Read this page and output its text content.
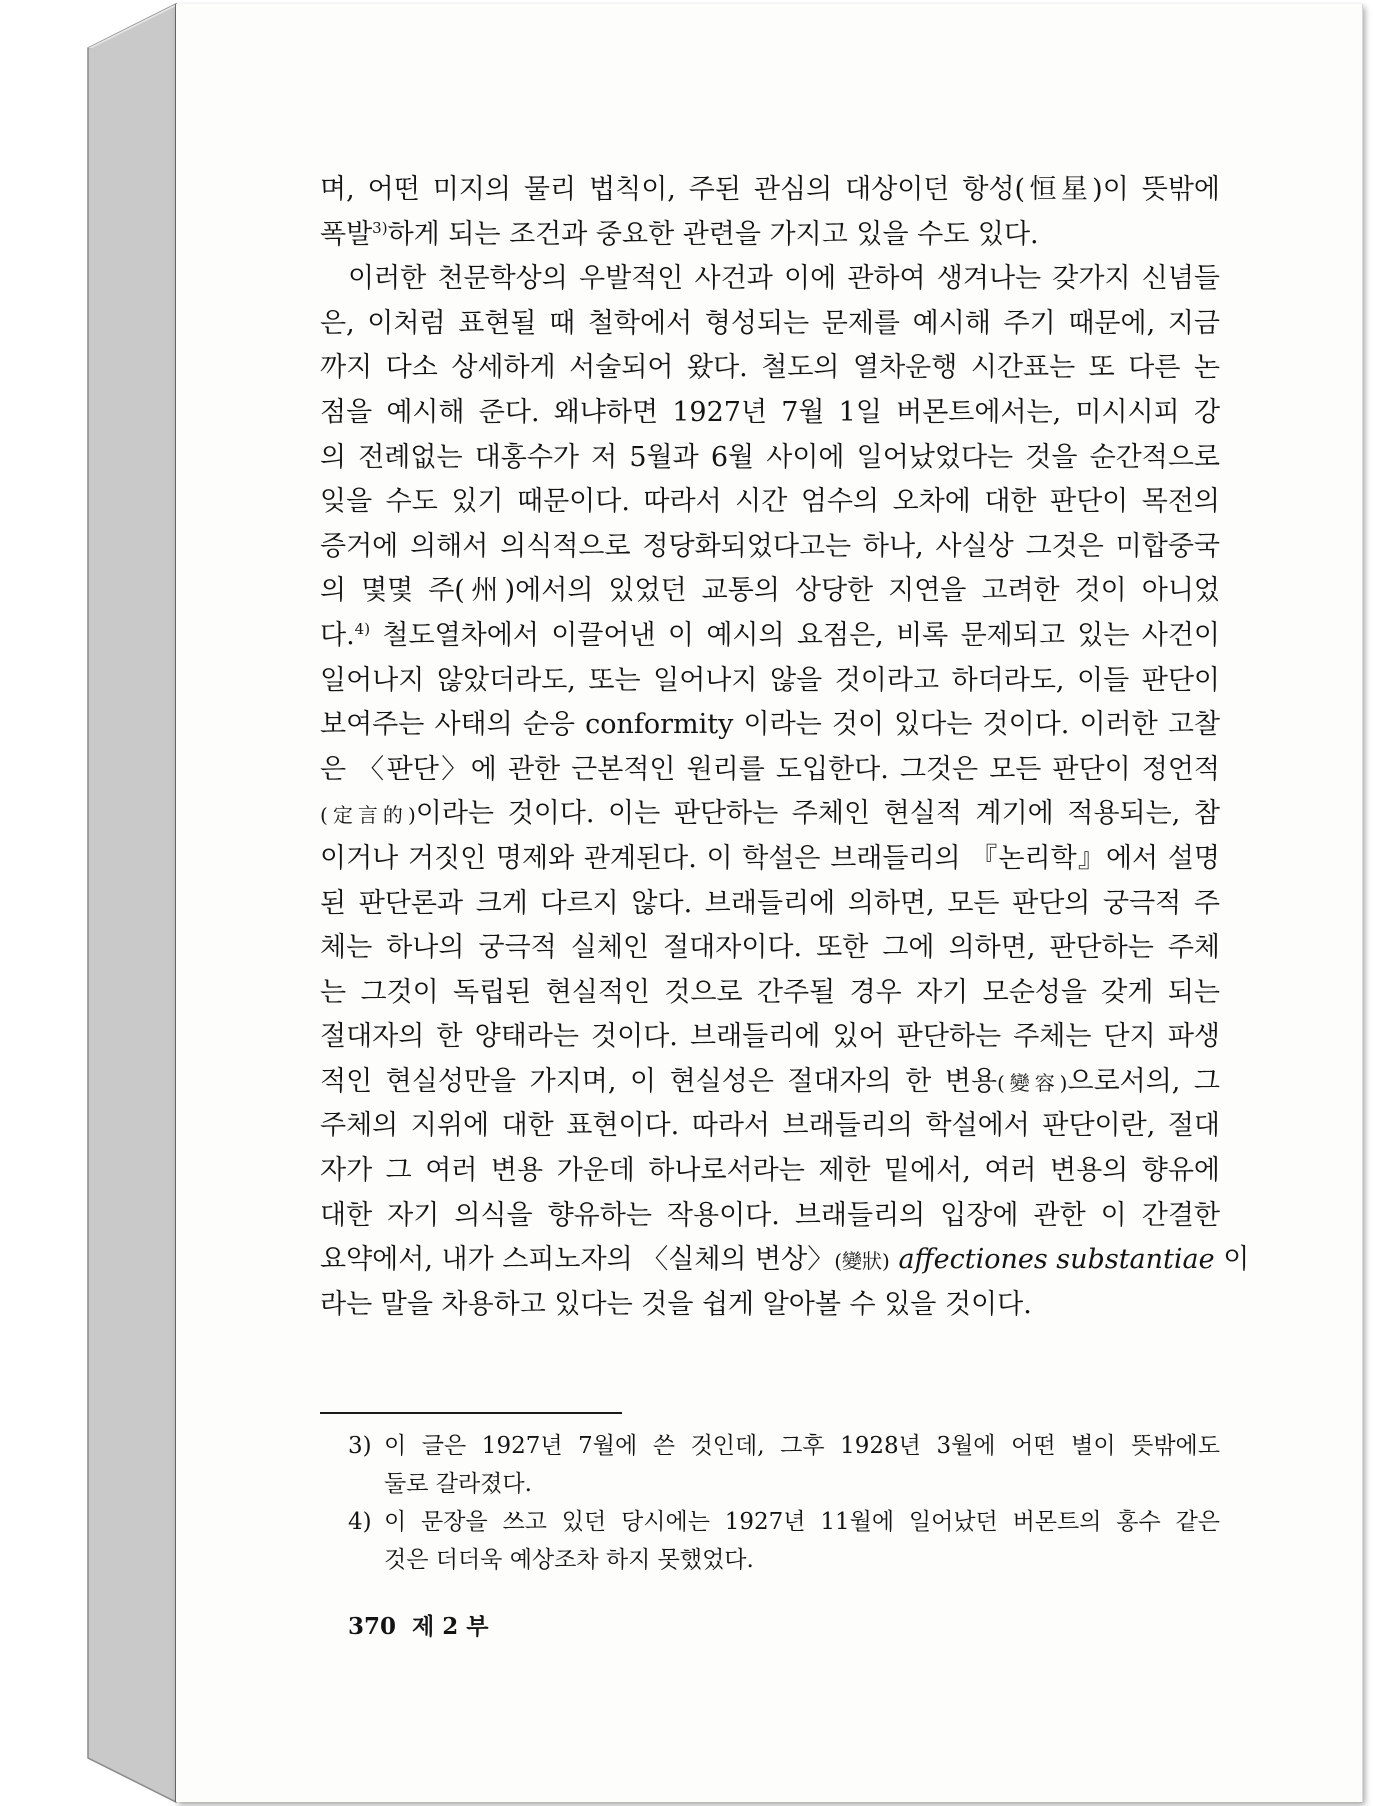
며, 어떤 미지의 물리 법칙이, 주된 관심의 대상이던 항성(恒星)이 뜻밖에
폭발$^{3)}$하게 되는 조건과 중요한 관련을 가지고 있을 수도 있다.
이러한 천문학상의 우발적인 사건과 이에 관하여 생겨나는 갖가지 신념들
은, 이처럼 표현될 때 철학에서 형성되는 문제를 예시해 주기 때문에, 지금
까지 다소 상세하게 서술되어 왔다. 철도의 열차운행 시간표는 또 다른 논
점을 예시해 준다. 왜냐하면 1927년 7월 1일 버몬트에서는, 미시시피 강
의 전례없는 대홍수가 저 5월과 6월 사이에 일어났었다는 것을 순간적으로
잊을 수도 있기 때문이다. 따라서 시간 엄수의 오차에 대한 판단이 목전의
증거에 의해서 의식적으로 정당화되었다고는 하나, 사실상 그것은 미합중국
의 몇몇 주(州)에서의 있었던 교통의 상당한 지연을 고려한 것이 아니었
다.$^{4)}$ 철도열차에서 이끌어낸 이 예시의 요점은, 비록 문제되고 있는 사건이
일어나지 않았더라도, 또는 일어나지 않을 것이라고 하더라도, 이들 판단이
보여주는 사태의 순응 conformity 이라는 것이 있다는 것이다. 이러한 고찰
은 〈판단〉에 관한 근본적인 원리를 도입한다. 그것은 모든 판단이 정언적
(定言的)이라는 것이다. 이는 판단하는 주체인 현실적 계기에 적용되는, 참
이거나 거짓인 명제와 관계된다. 이 학설은 브래들리의 『논리학』에서 설명
된 판단론과 크게 다르지 않다. 브래들리에 의하면, 모든 판단의 궁극적 주
체는 하나의 궁극적 실체인 절대자이다. 또한 그에 의하면, 판단하는 주체
는 그것이 독립된 현실적인 것으로 간주될 경우 자기 모순성을 갖게 되는
절대자의 한 양태라는 것이다. 브래들리에 있어 판단하는 주체는 단지 파생
적인 현실성만을 가지며, 이 현실성은 절대자의 한 변용(變容)으로서의, 그
주체의 지위에 대한 표현이다. 따라서 브래들리의 학설에서 판단이란, 절대
자가 그 여러 변용 가운데 하나로서라는 제한 밑에서, 여러 변용의 향유에
대한 자기 의식을 향유하는 작용이다. 브래들리의 입장에 관한 이 간결한
요약에서, 내가 스피노자의 〈실체의 변상〉(變狀) affectiones substantiae 이
라는 말을 차용하고 있다는 것을 쉽게 알아볼 수 있을 것이다.
3) 이 글은 1927년 7월에 쓴 것인데, 그후 1928년 3월에 어떤 별이 뜻밖에도
둘로 갈라졌다.
4) 이 문장을 쓰고 있던 당시에는 1927년 11월에 일어났던 버몬트의 홍수 같은
것은 더더욱 예상조차 하지 못했었다.
370 제 2 부
